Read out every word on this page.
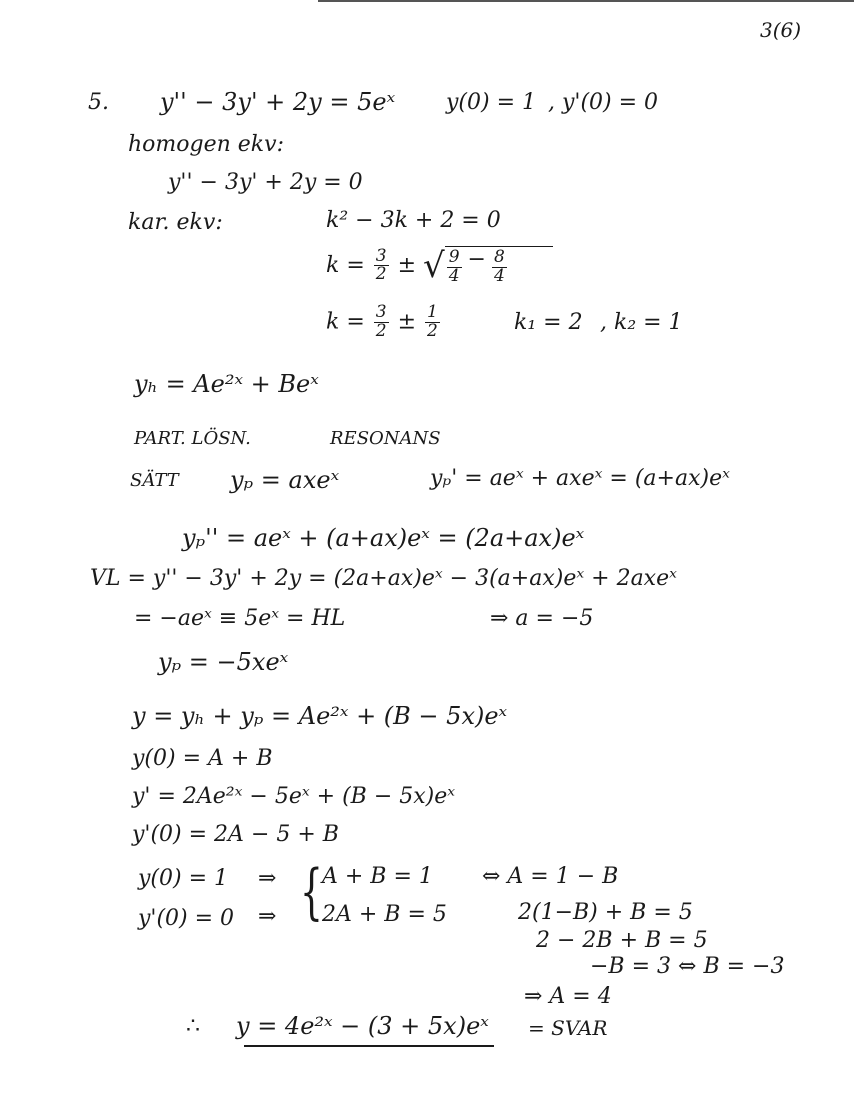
3(6)
5. y'' − 3y' + 2y = 5eˣ y(0) = 1 , y'(0) = 0
homogen ekv:
y'' − 3y' + 2y = 0
kar. ekv:	k² − 3k + 2 = 0
$k = \frac{3}{2}$ ± √ $\frac{9}{4} - \frac{8}{4}$
$k = \frac{3}{2} \pm \frac{1}{2}$	k₁ = 2 , k₂ = 1
yₕ = Ae²ˣ + Beˣ
PART. LÖSN.	RESONANS
SÄTT yₚ = axeˣ	yₚ' = aeˣ + axeˣ = (a+ax)eˣ
yₚ'' = aeˣ + (a+ax)eˣ = (2a+ax)eˣ
VL = y'' − 3y' + 2y = (2a+ax)eˣ − 3(a+ax)eˣ + 2axeˣ
= −aeˣ ≡ 5eˣ = HL	⇒ a = −5
yₚ = −5xeˣ
y = yₕ + yₚ = Ae²ˣ + (B − 5x)eˣ
y(0) = A + B
y' = 2Ae²ˣ − 5eˣ + (B − 5x)eˣ
y'(0) = 2A − 5 + B
y(0) = 1 ⇒ { A + B = 1
y'(0) = 0 ⇒ 2A + B = 5
⇔ A = 1 − B
2(1−B) + B = 5
2 − 2B + B = 5
−B = 3 ⇔ B = −3
⇒ A = 4
∴ y = 4e²ˣ − (3 + 5x)eˣ = SVAR
